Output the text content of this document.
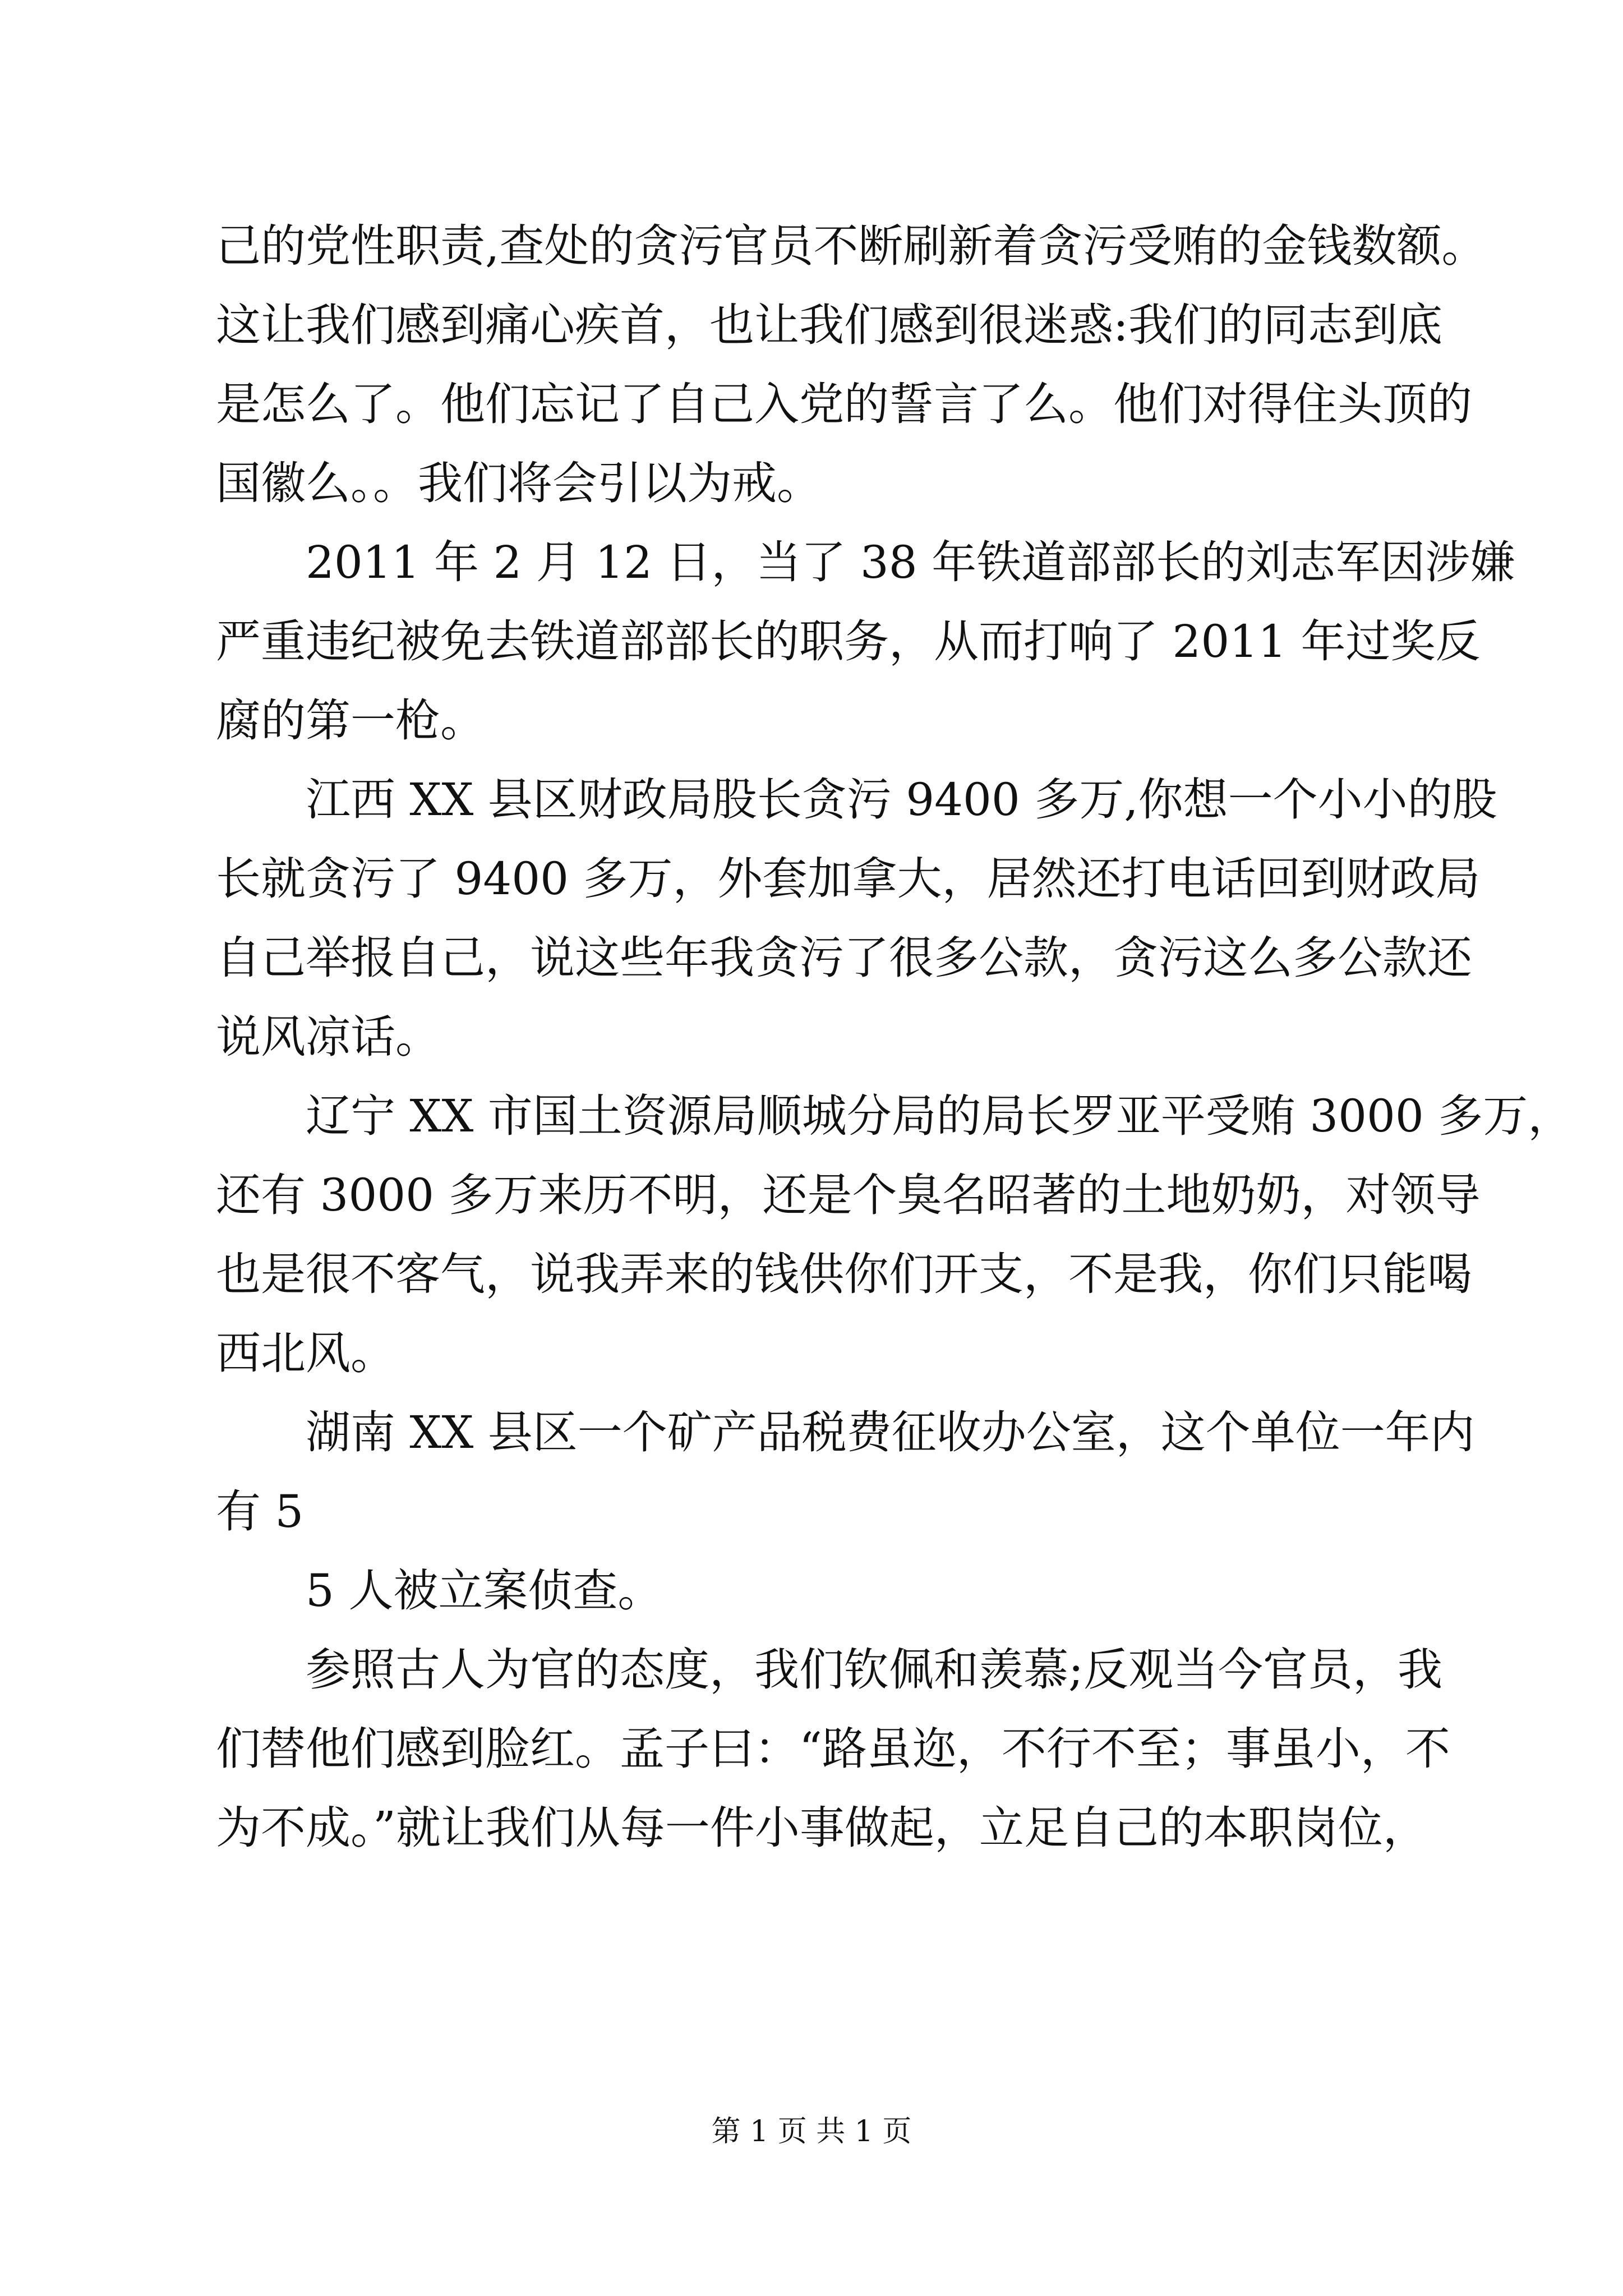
己的党性职责,查处的贪污官员不断刷新着贪污受贿的金钱数额。
这让我们感到痛心疾首，也让我们感到很迷惑:我们的同志到底
是怎么了。他们忘记了自己入党的誓言了么。他们对得住头顶的
国徽么。。我们将会引以为戒。
2011 年 2 月 12 日，当了 38 年铁道部部长的刘志军因涉嫌
严重违纪被免去铁道部部长的职务，从而打响了 2011 年过奖反
腐的第一枪。
江西 XX 县区财政局股长贪污 9400 多万,你想一个小小的股
长就贪污了 9400 多万，外套加拿大，居然还打电话回到财政局
自己举报自己，说这些年我贪污了很多公款，贪污这么多公款还
说风凉话。
辽宁 XX 市国土资源局顺城分局的局长罗亚平受贿 3000 多万，
还有 3000 多万来历不明，还是个臭名昭著的土地奶奶，对领导
也是很不客气，说我弄来的钱供你们开支，不是我，你们只能喝
西北风。
湖南 XX 县区一个矿产品税费征收办公室，这个单位一年内
有 5
5 人被立案侦查。
参照古人为官的态度，我们钦佩和羡慕;反观当今官员，我
们替他们感到脸红。孟子曰：“路虽迩，不行不至；事虽小，不
为不成。”就让我们从每一件小事做起，立足自己的本职岗位，

第 1 页 共 1 页
